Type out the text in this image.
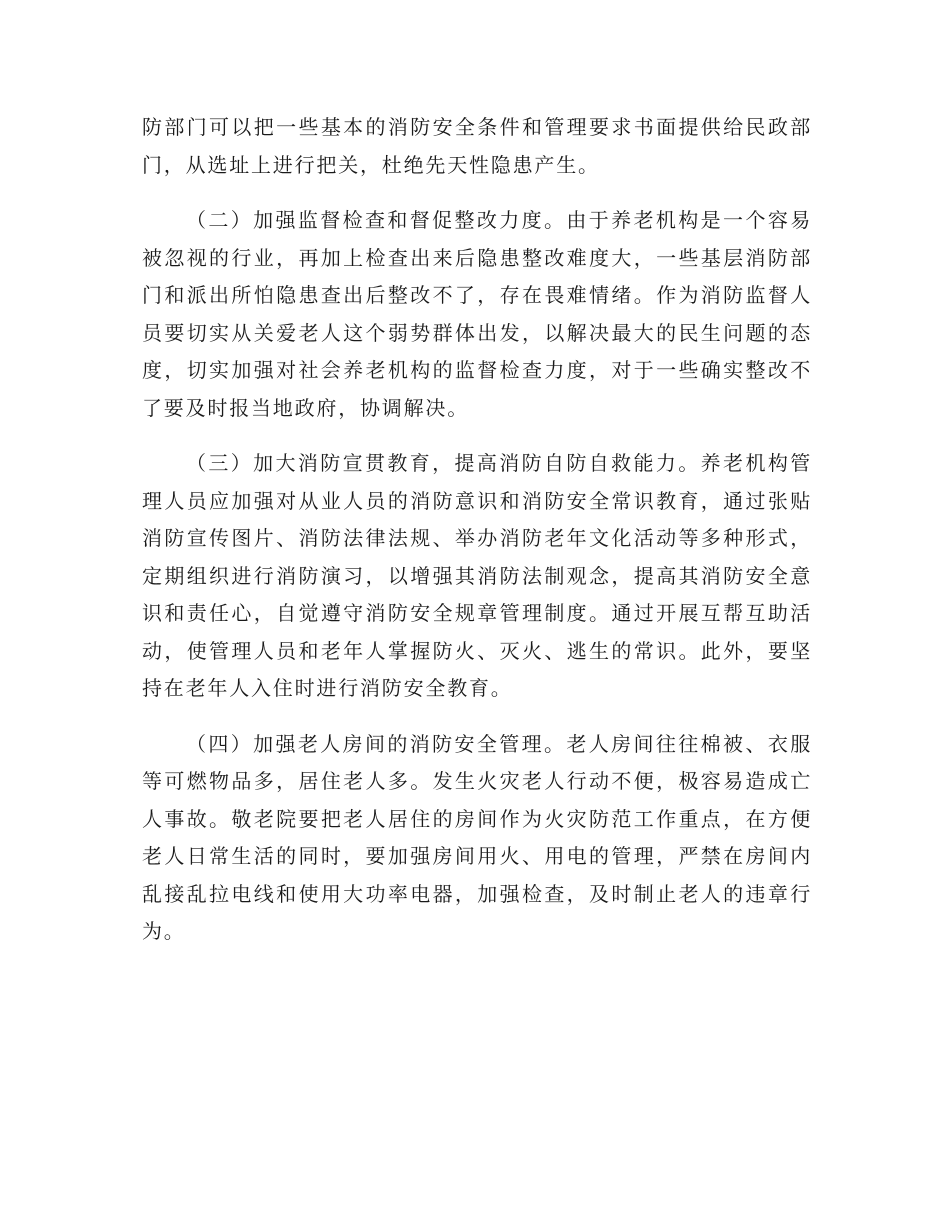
防部门可以把一些基本的消防安全条件和管理要求书面提供给民政部门，从选址上进行把关，杜绝先天性隐患产生。

（二）加强监督检查和督促整改力度。由于养老机构是一个容易被忽视的行业，再加上检查出来后隐患整改难度大，一些基层消防部门和派出所怕隐患查出后整改不了，存在畏难情绪。作为消防监督人员要切实从关爱老人这个弱势群体出发，以解决最大的民生问题的态度，切实加强对社会养老机构的监督检查力度，对于一些确实整改不了要及时报当地政府，协调解决。

（三）加大消防宣贯教育，提高消防自防自救能力。养老机构管理人员应加强对从业人员的消防意识和消防安全常识教育，通过张贴消防宣传图片、消防法律法规、举办消防老年文化活动等多种形式，定期组织进行消防演习，以增强其消防法制观念，提高其消防安全意识和责任心，自觉遵守消防安全规章管理制度。通过开展互帮互助活动，使管理人员和老年人掌握防火、灭火、逃生的常识。此外，要坚持在老年人入住时进行消防安全教育。

（四）加强老人房间的消防安全管理。老人房间往往棉被、衣服等可燃物品多，居住老人多。发生火灾老人行动不便，极容易造成亡人事故。敬老院要把老人居住的房间作为火灾防范工作重点，在方便老人日常生活的同时，要加强房间用火、用电的管理，严禁在房间内乱接乱拉电线和使用大功率电器，加强检查，及时制止老人的违章行为。
